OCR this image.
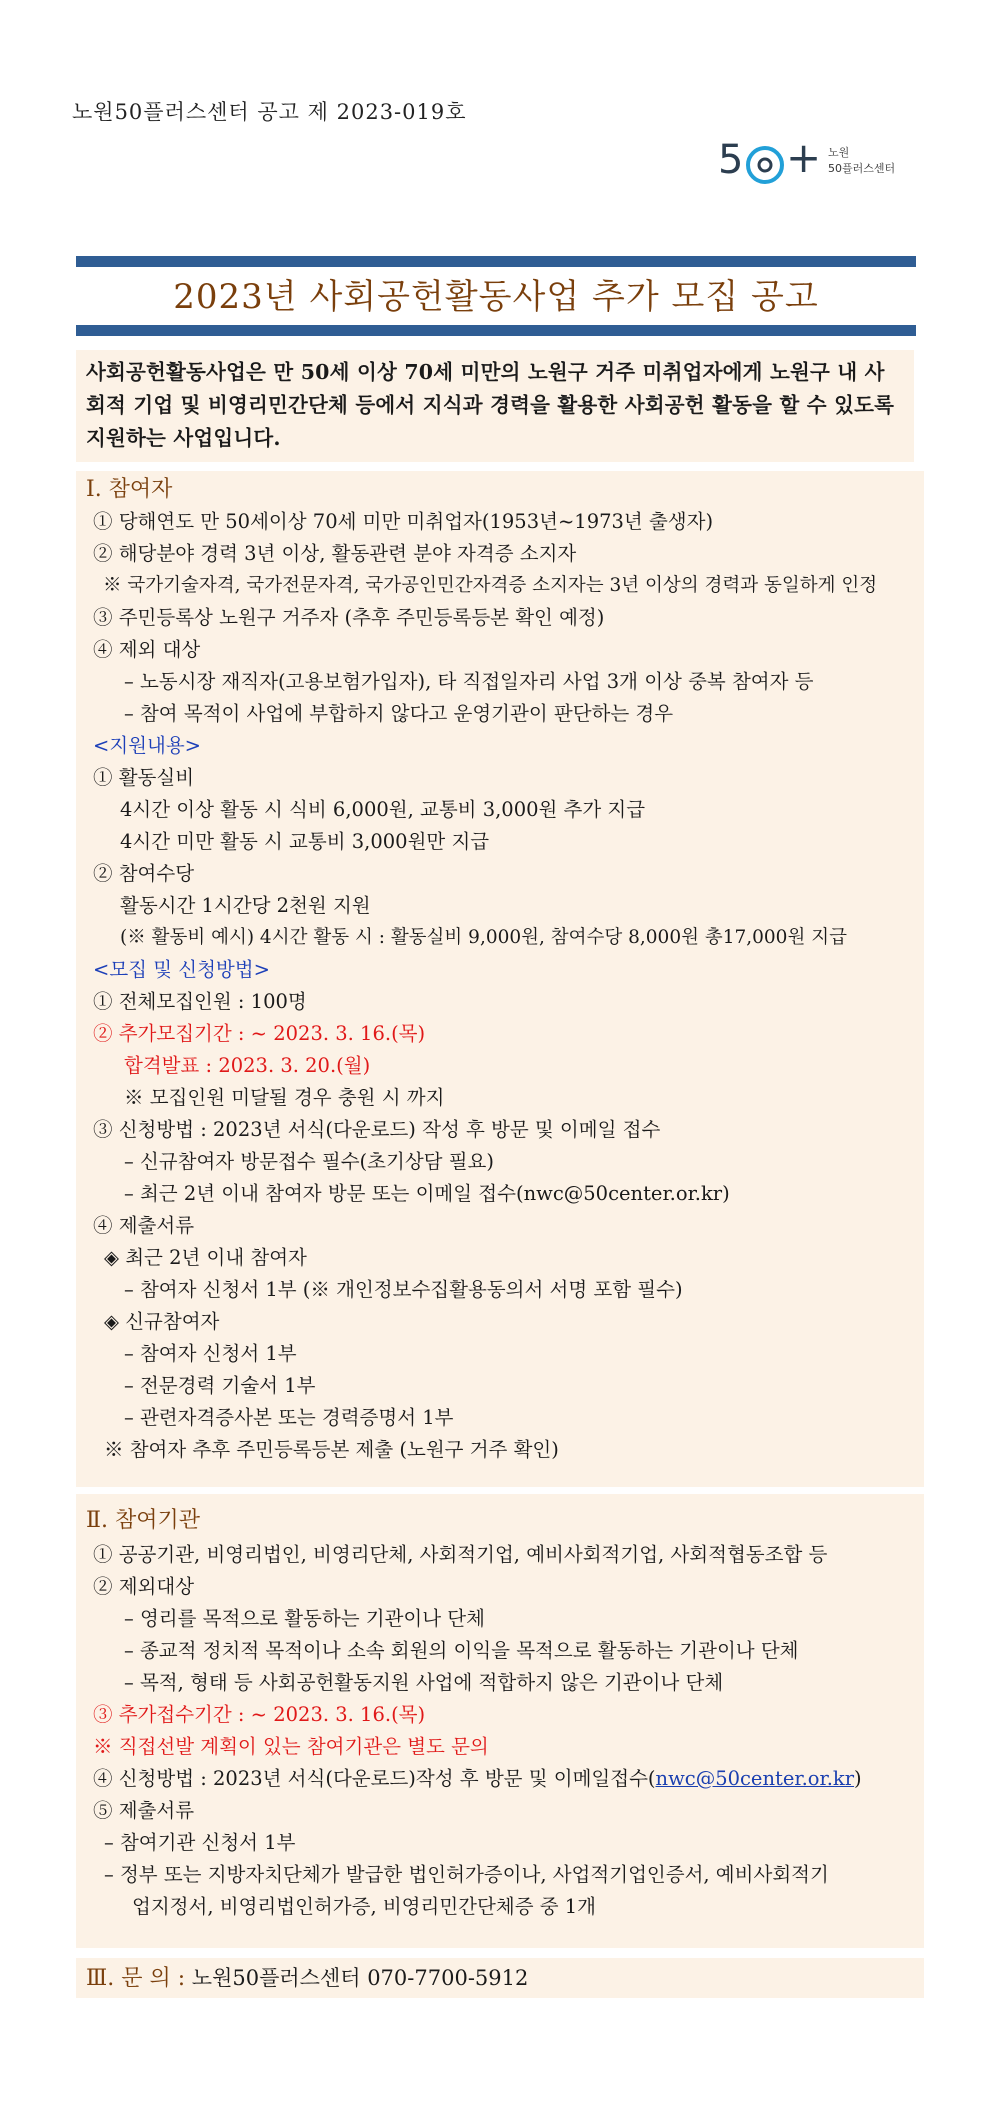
노원50플러스센터 공고 제 2023-019호
5 + 노원
50플러스센터
2023년 사회공헌활동사업 추가 모집 공고

사회공헌활동사업은 만 50세 이상 70세 미만의 노원구 거주 미취업자에게 노원구 내 사회적 기업 및 비영리민간단체 등에서 지식과 경력을 활용한 사회공헌 활동을 할 수 있도록 지원하는 사업입니다.

Ⅰ. 참여자
① 당해연도 만 50세이상 70세 미만 미취업자(1953년~1973년 출생자)
② 해당분야 경력 3년 이상, 활동관련 분야 자격증 소지자
※ 국가기술자격, 국가전문자격, 국가공인민간자격증 소지자는 3년 이상의 경력과 동일하게 인정
③ 주민등록상 노원구 거주자 (추후 주민등록등본 확인 예정)
④ 제외 대상
– 노동시장 재직자(고용보험가입자), 타 직접일자리 사업 3개 이상 중복 참여자 등
– 참여 목적이 사업에 부합하지 않다고 운영기관이 판단하는 경우
<지원내용>
① 활동실비
4시간 이상 활동 시 식비 6,000원, 교통비 3,000원 추가 지급
4시간 미만 활동 시 교통비 3,000원만 지급
② 참여수당
활동시간 1시간당 2천원 지원
(※ 활동비 예시) 4시간 활동 시 : 활동실비 9,000원, 참여수당 8,000원 총17,000원 지급
<모집 및 신청방법>
① 전체모집인원 : 100명
② 추가모집기간 : ~ 2023. 3. 16.(목)
합격발표 : 2023. 3. 20.(월)
※ 모집인원 미달될 경우 충원 시 까지
③ 신청방법 : 2023년 서식(다운로드) 작성 후 방문 및 이메일 접수
– 신규참여자 방문접수 필수(초기상담 필요)
– 최근 2년 이내 참여자 방문 또는 이메일 접수(nwc@50center.or.kr)
④ 제출서류
◈ 최근 2년 이내 참여자
– 참여자 신청서 1부 (※ 개인정보수집활용동의서 서명 포함 필수)
◈ 신규참여자
– 참여자 신청서 1부
– 전문경력 기술서 1부
– 관련자격증사본 또는 경력증명서 1부
※ 참여자 추후 주민등록등본 제출 (노원구 거주 확인)
Ⅱ. 참여기관
① 공공기관, 비영리법인, 비영리단체, 사회적기업, 예비사회적기업, 사회적협동조합 등
② 제외대상
– 영리를 목적으로 활동하는 기관이나 단체
– 종교적 정치적 목적이나 소속 회원의 이익을 목적으로 활동하는 기관이나 단체
– 목적, 형태 등 사회공헌활동지원 사업에 적합하지 않은 기관이나 단체
③ 추가접수기간 : ~ 2023. 3. 16.(목)
※ 직접선발 계획이 있는 참여기관은 별도 문의
④ 신청방법 : 2023년 서식(다운로드)작성 후 방문 및 이메일접수(nwc@50center.or.kr)
⑤ 제출서류
– 참여기관 신청서 1부
– 정부 또는 지방자치단체가 발급한 법인허가증이나, 사업적기업인증서, 예비사회적기
업지정서, 비영리법인허가증, 비영리민간단체증 중 1개
Ⅲ. 문 의 : 노원50플러스센터 070-7700-5912
